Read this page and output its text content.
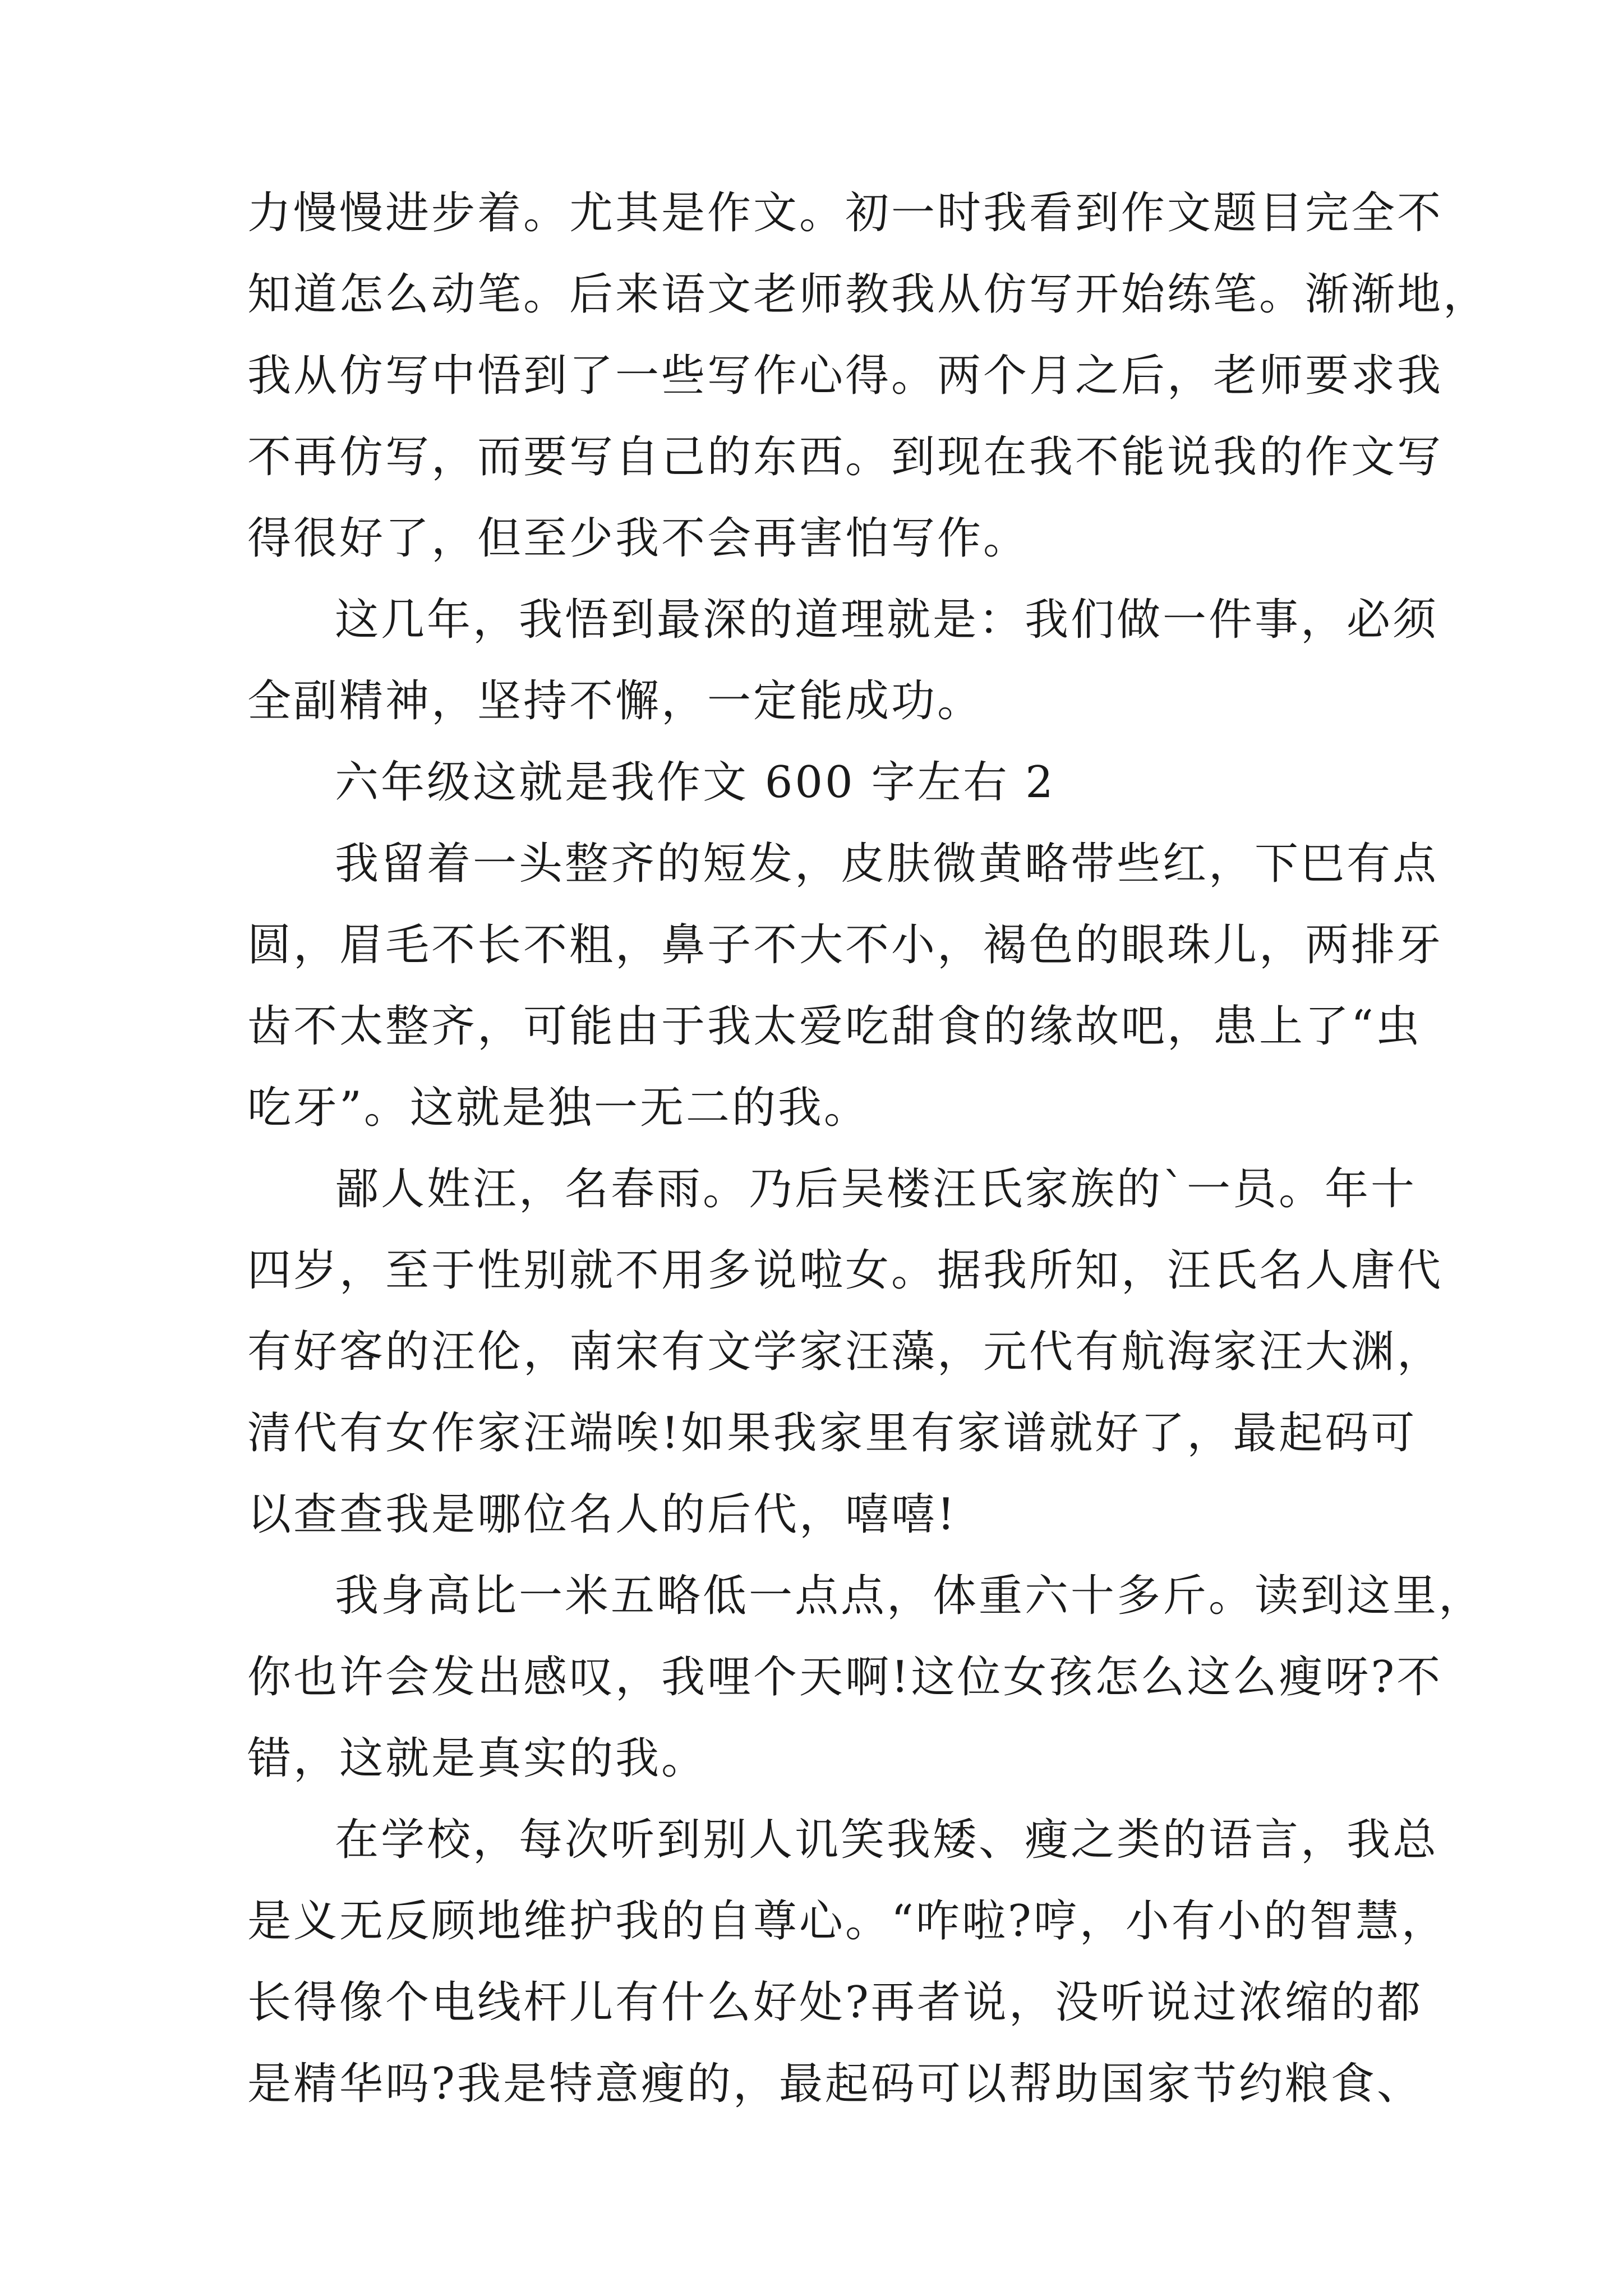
力慢慢进步着。尤其是作文。初一时我看到作文题目完全不
知道怎么动笔。后来语文老师教我从仿写开始练笔。渐渐地，
我从仿写中悟到了一些写作心得。两个月之后，老师要求我
不再仿写，而要写自己的东西。到现在我不能说我的作文写
得很好了，但至少我不会再害怕写作。
这几年，我悟到最深的道理就是：我们做一件事，必须
全副精神，坚持不懈，一定能成功。
六年级这就是我作文 600 字左右 2
我留着一头整齐的短发，皮肤微黄略带些红，下巴有点
圆，眉毛不长不粗，鼻子不大不小，褐色的眼珠儿，两排牙
齿不太整齐，可能由于我太爱吃甜食的缘故吧，患上了“虫
吃牙”。这就是独一无二的我。
鄙人姓汪，名春雨。乃后吴楼汪氏家族的`一员。年十
四岁，至于性别就不用多说啦女。据我所知，汪氏名人唐代
有好客的汪伦，南宋有文学家汪藻，元代有航海家汪大渊，
清代有女作家汪端唉!如果我家里有家谱就好了，最起码可
以查查我是哪位名人的后代，嘻嘻!
我身高比一米五略低一点点，体重六十多斤。读到这里，
你也许会发出感叹，我哩个天啊!这位女孩怎么这么瘦呀?不
错，这就是真实的我。
在学校，每次听到别人讥笑我矮、瘦之类的语言，我总
是义无反顾地维护我的自尊心。“咋啦?哼，小有小的智慧，
长得像个电线杆儿有什么好处?再者说，没听说过浓缩的都
是精华吗?我是特意瘦的，最起码可以帮助国家节约粮食、
